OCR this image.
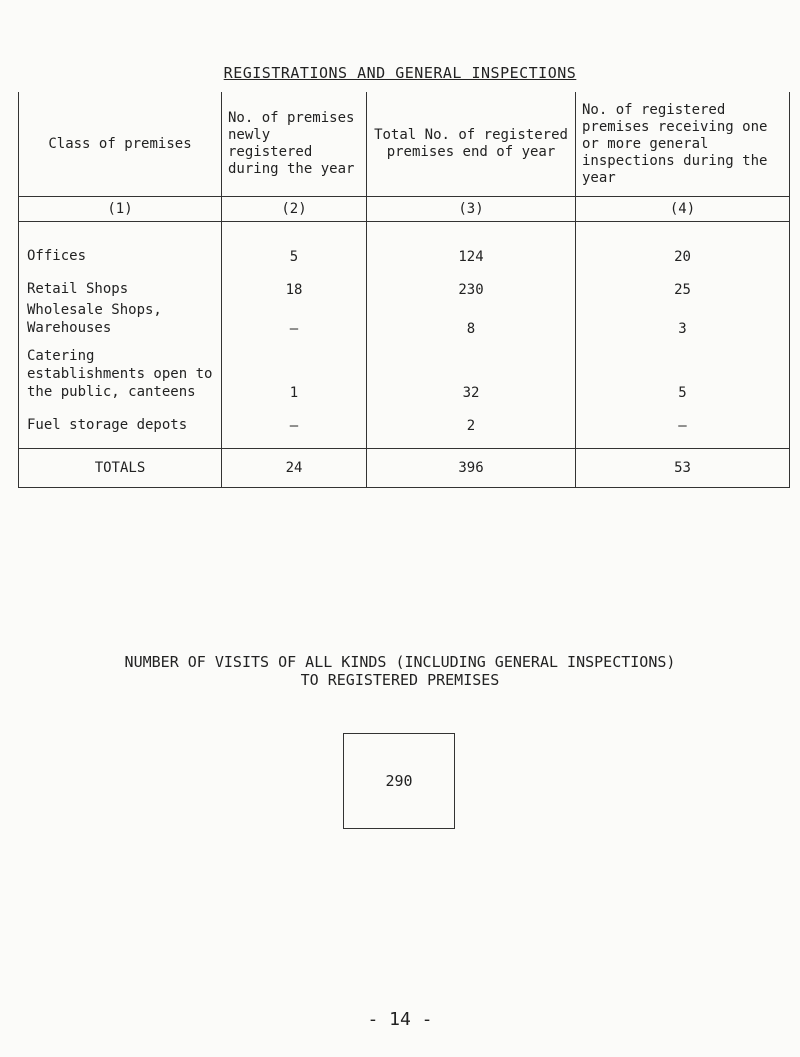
REGISTRATIONS AND GENERAL INSPECTIONS
Class of premises	No. of premises newly registered during the year	Total No. of registered premises end of year	No. of registered premises receiving one or more general inspections during the year
(1)	(2)	(3)	(4)

Offices	5	124	20
Retail Shops	18	230	25
Wholesale Shops, Warehouses	–	8	3
Catering establishments open to the public, canteens	1	32	5
Fuel storage depots	–	2	–

TOTALS	24	396	53
NUMBER OF VISITS OF ALL KINDS (INCLUDING GENERAL INSPECTIONS)
TO REGISTERED PREMISES
290
- 14 -
